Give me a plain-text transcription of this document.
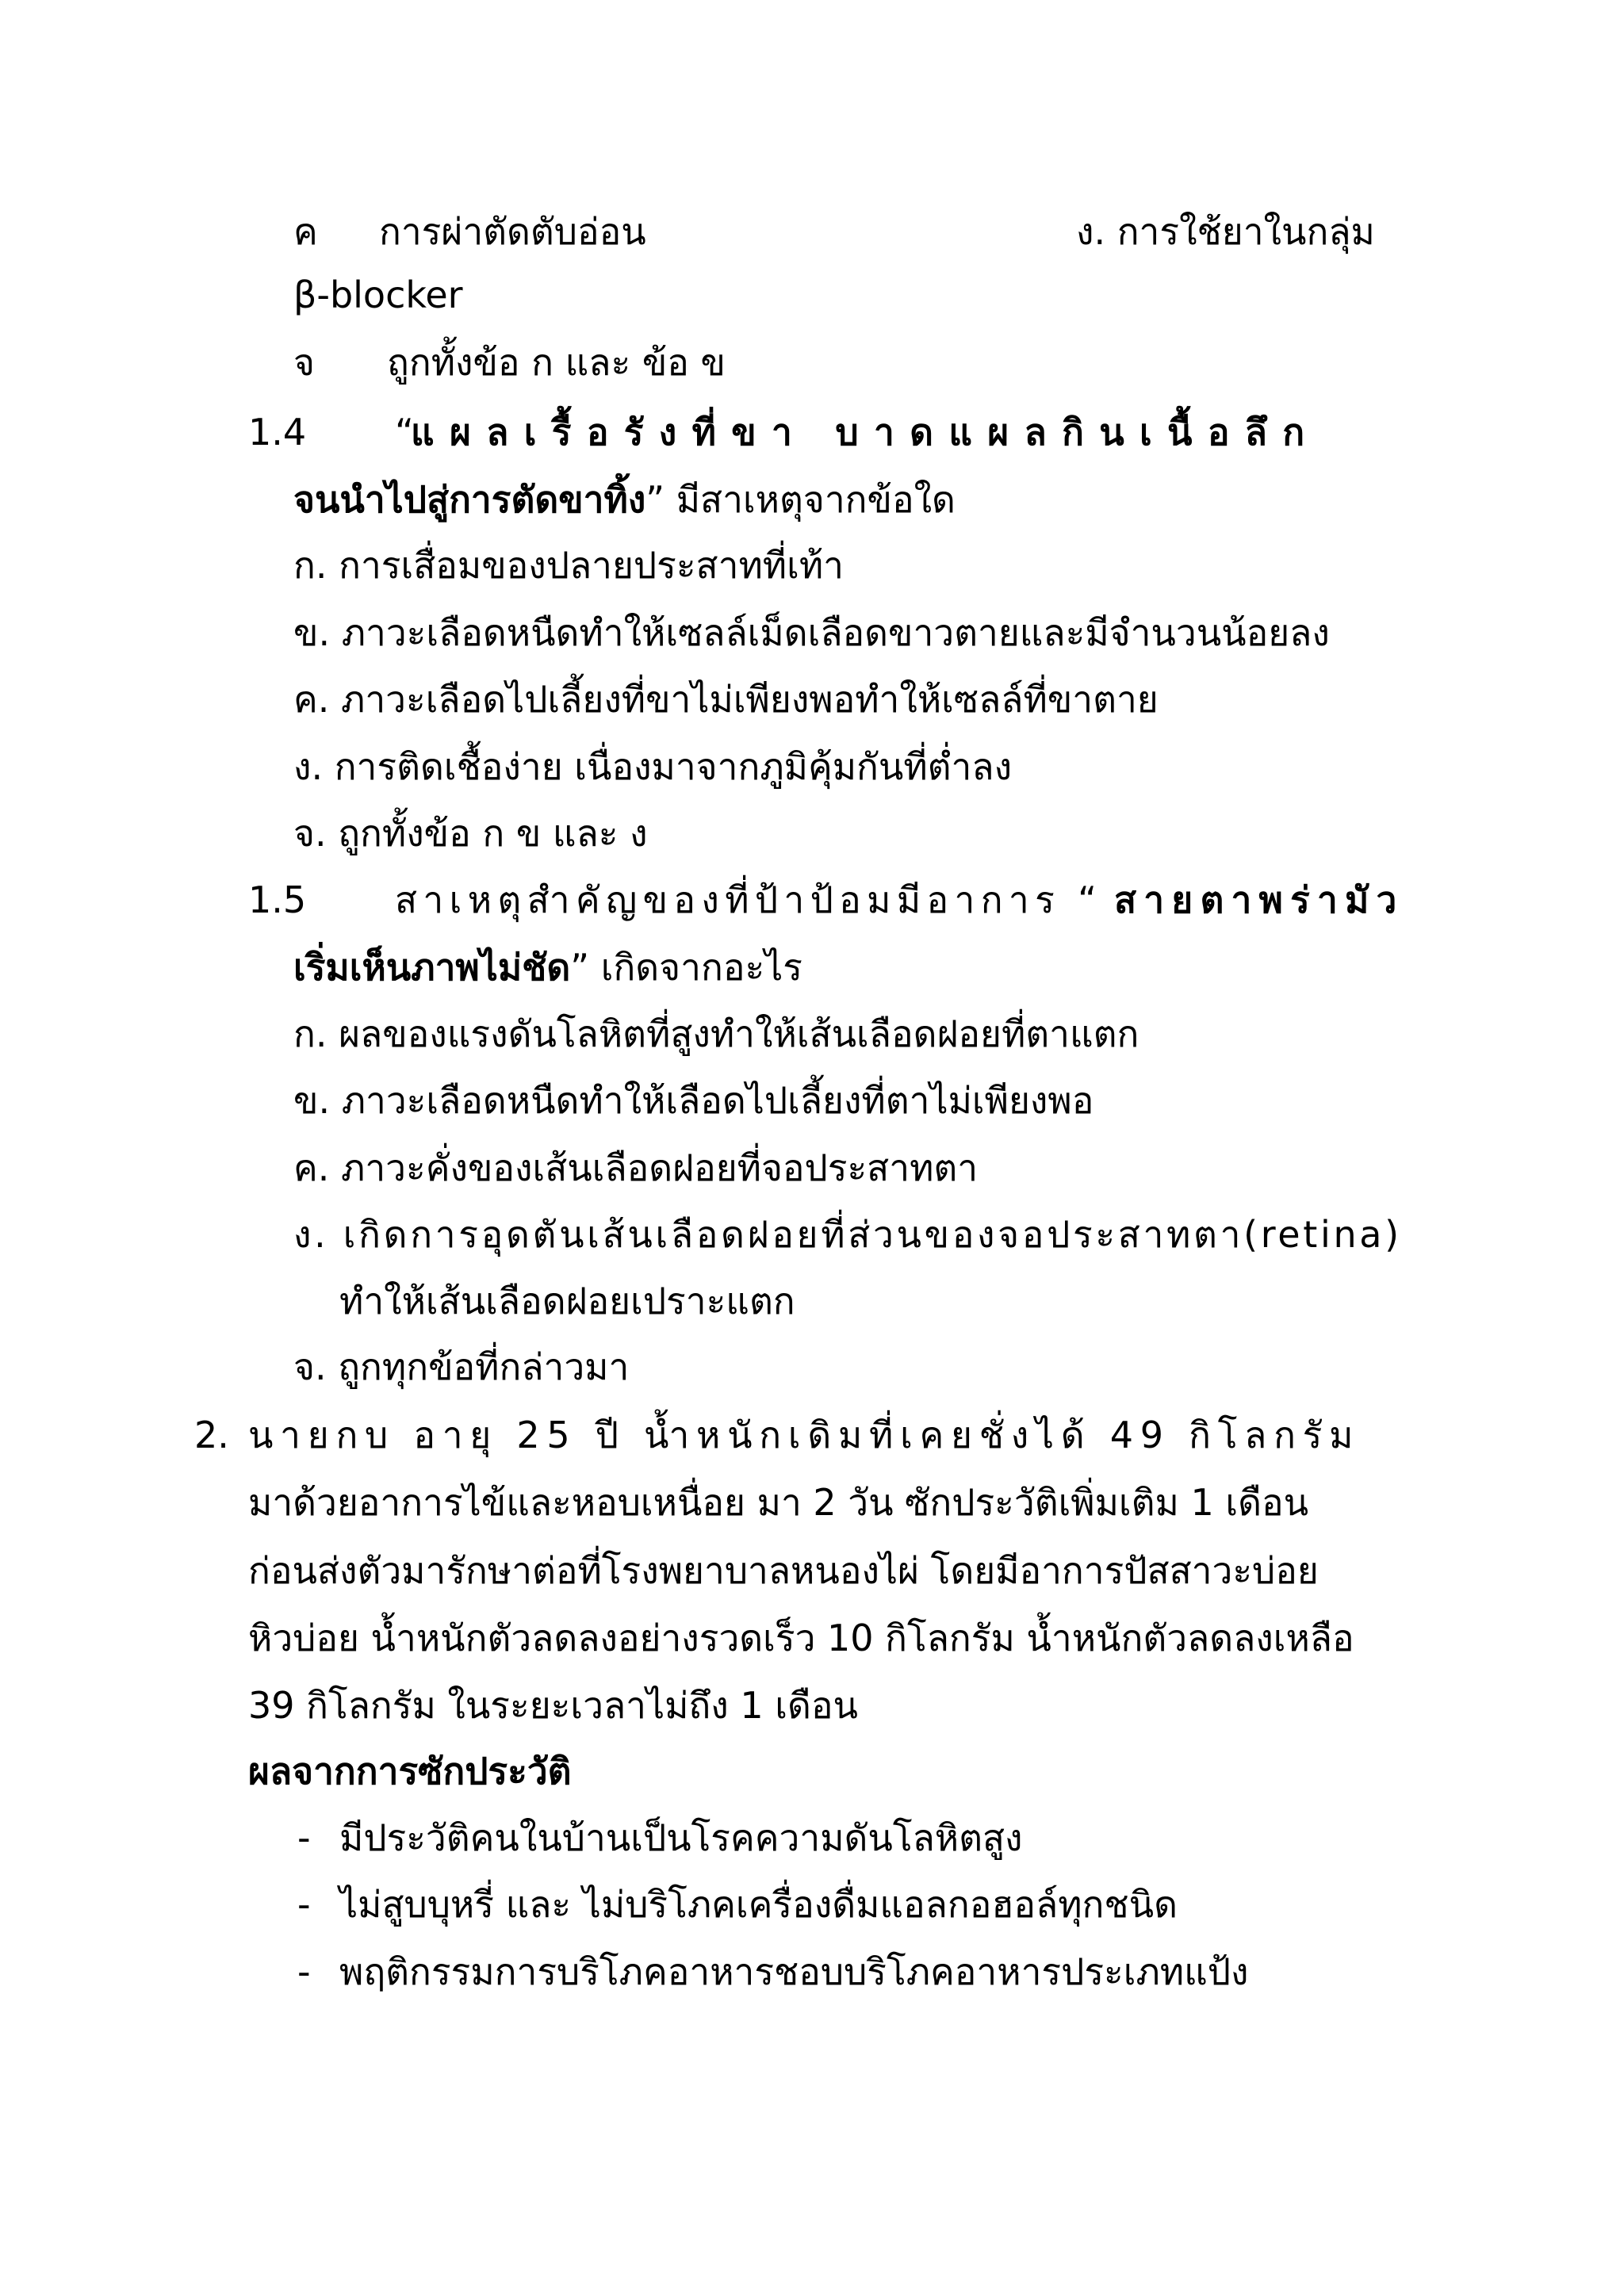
ค การผ่าตัดตับอ่อน	ง. การใช้ยาในกลุ่ม
β-blocker
จ ถูกทั้งข้อ ก และ ข้อ ข
1.4 “
แผลเรื้อรังที่ขา บาดแผลกินเนื้อลึก
จนนำไปสู่การตัดขาทิ้ง” มีสาเหตุจากข้อใด
ก. การเสื่อมของปลายประสาทที่เท้า
ข. ภาวะเลือดหนืดทำให้เซลล์เม็ดเลือดขาวตายและมีจำนวนน้อยลง
ค. ภาวะเลือดไปเลี้ยงที่ขาไม่เพียงพอทำให้เซลล์ที่ขาตาย
ง. การติดเชื้อง่าย เนื่องมาจากภูมิคุ้มกันที่ต่ำลง
จ. ถูกทั้งข้อ ก ข และ ง
1.5 สาเหตุสำคัญของที่ป้าป้อมมีอาการ “ สายตาพร่ามัว
เริ่มเห็นภาพไม่ชัด” เกิดจากอะไร
ก. ผลของแรงดันโลหิตที่สูงทำให้เส้นเลือดฝอยที่ตาแตก
ข. ภาวะเลือดหนืดทำให้เลือดไปเลี้ยงที่ตาไม่เพียงพอ
ค. ภาวะคั่งของเส้นเลือดฝอยที่จอประสาทตา
ง. เกิดการอุดตันเส้นเลือดฝอยที่ส่วนของจอประสาทตา(retina)
ทำให้เส้นเลือดฝอยเปราะแตก
จ. ถูกทุกข้อที่กล่าวมา
2. นายกบ อายุ 25 ปี น้ำหนักเดิมที่เคยชั่งได้ 49 กิโลกรัม
มาด้วยอาการไข้และหอบเหนื่อย มา 2 วัน ซักประวัติเพิ่มเติม 1 เดือน
ก่อนส่งตัวมารักษาต่อที่โรงพยาบาลหนองไผ่ โดยมีอาการปัสสาวะบ่อย
หิวบ่อย น้ำหนักตัวลดลงอย่างรวดเร็ว 10 กิโลกรัม น้ำหนักตัวลดลงเหลือ
39 กิโลกรัม ในระยะเวลาไม่ถึง 1 เดือน
ผลจากการซักประวัติ
- มีประวัติคนในบ้านเป็นโรคความดันโลหิตสูง
- ไม่สูบบุหรี่ และ ไม่บริโภคเครื่องดื่มแอลกอฮอล์ทุกชนิด
- พฤติกรรมการบริโภคอาหารชอบบริโภคอาหารประเภทแป้ง
